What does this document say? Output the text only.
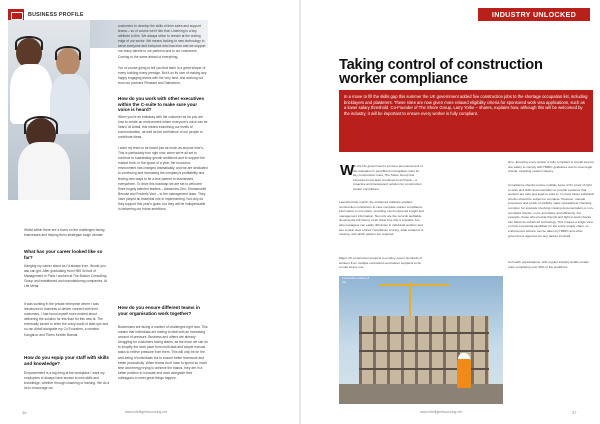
BUSINESS PROFILE
Whilst within there are a focus on the challenges facing businesses and helping them strategise tough climate.
What has your career looked like so far?
Hanging my career about as I'd always from. Would you ask can get. After graduating from HBS School of Management in Paris I worked at The Boston Consulting Group and established and manufacturing companies. At Life Metal.
It was working in the private enterprise where I was introduced to business to deliver connect with their customers. I had found myself more excited about delivering the solution for this than for this new at. The eventually turned to enter the crazy world of start-ups and co-ran Airtall alongside my Co-Founders, a creation Kangaroo and Flores Keeble Brands.
How do you equip your staff with skills and knowledge?
Empowerment is a big thing at the workplace I want my employees to always have access to new skills and knowledge, whether through coaching or training. We do a lot to encourage our
customers to develop the skills of their sales and support teams – so of course we're like that. Listening is a key attribute to this. We always strive to remain at the cutting edge of our sector. We means looking to new technology to serve everyone and everyone who has ever and we support our many talents to our partners and to our customers. Coming to the same ahead of everything.
I've of course going to tell you that learn is a great shaper of every building every prestige. But it on its own of making any happy engaging teams with the very best, and working out from our partners Pleasant and Salesforce.
How do you work with other executives within the C-suite to make sure your voice is heard?
When you're an embassy with the customer as far you are how to create an environment where everyone's voice can be heard. At Airtall, this means examining our levels of communication, as well as the confidence of our people to contribute ideas.
I want my team to be heard just as much as anyone else's. This is particularly true right now, when we're all set to continue to sustainably growth ambitions and to support the market front. In the space of a year, the economic environment has changed dramatically, and we are dedicated to continuing and increasing the company's profitability and finding new ways to be a true partner to businesses everywhere. To drive this roadmap we are set to welcome three hugely talented leaders – Alexandra Orio, Emmanuelle Benoist and Frederic Voet – to the management team. They have played an essential role in implementing. Not only do they support this year's goals, but they will be indispensable in delivering our future ambitions.
How do you ensure different teams in your organisation work together?
Businesses are facing a number of challenges right now. This means that individuals are having to deal with an increasing amount of pressure. Business and others are already struggling for customers facing teams, as the more we can do to simplify the work pace from multi-task and simple manual tasks to relieve pressure from them. This will only be for the well-being of individuals but to ensure better teamwork and better productivity. When teams don't have to spend so much time and energy trying to achieve the basics, they are in a better position to innovate and work alongside their colleagues to meet great things happen.
36	www.intelligentsourcing.net
INDUSTRY UNLOCKED
Taking control of construction worker compliance
In a move to fill the skills gap this summer the UK government added five construction jobs to the shortage occupation list, including bricklayers and plasterers. These roles are now given more relaxed eligibility criteria for sponsored work visa applications, such as a lower salary threshold. Co-Founder of The Shore Group, Larry Yorke – shares, explains how, although this will be welcomed by the industry, it will be important to ensure every worker is fully compliant.
W
ith the UK government's summer announcement of the relaxation in post-Brexit immigration rules for key construction roles, The Shore Group has introduced new laws combined to its Portal – a proactive and transparent solution for construction worker compliance.
Launched last month, the enhanced software enables construction contractors to view complete worker compliance information in one place, providing much improved insight and management information. Not only are the records auditable, showing the full history of all. Real time risk is possible, but also managers can easily drill down to individual workers and see a clear view of their compliance scoring, what evidence is missing, and which actions are required.
Major UK construction projects to employ recent hundreds of workers from multiple contractors and labour suppliers to be on site at any one
time. Ensuring every worker is fully compliant is crucial step for site safety to comply with HMRC guidelines and to meet legal criteria, including modern slavery.
Compliance checks involve multiple types of ID, proof of right to work and skills documentation to provide evidence that workers are safe and legal to work in. In many cases individual checks should be subject to complete. However, manual processes and a lack of visibility make spreadsheet checking complex, for example involving missing documentation or non-compliant checks, more accurately and efficiently. For example, those who provide Payroll and right to work checks can follow its enhanced technology. This creates a single view on how a potential candidate for the entire supply chain, so enforcement actions can be taken by HMRC and other government agencies for any parties involved.
As health organisations, with regular industry audits certain roles completing over 90% of the workforce.
Construction workers of site
www.intelligentsourcing.net	37
